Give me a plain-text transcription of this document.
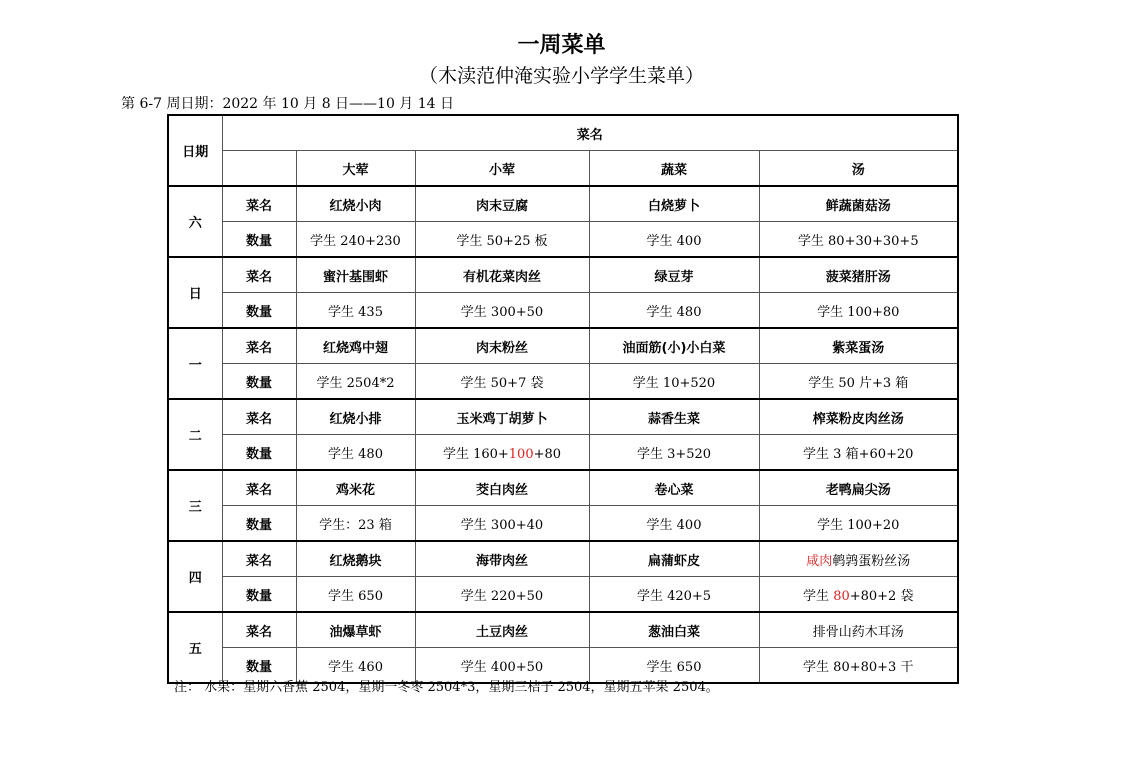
一周菜单
（木渎范仲淹实验小学学生菜单）
第 6-7 周日期：2022 年 10 月 8 日——10 月 14 日
日期	菜名				
		大荤	小荤	蔬菜	汤
六	菜名	红烧小肉	肉末豆腐	白烧萝卜	鲜蔬菌菇汤
	数量	学生 240+230	学生 50+25 板	学生 400	学生 80+30+30+5
日	菜名	蜜汁基围虾	有机花菜肉丝	绿豆芽	菠菜猪肝汤
	数量	学生 435	学生 300+50	学生 480	学生 100+80
一	菜名	红烧鸡中翅	肉末粉丝	油面筋(小)小白菜	紫菜蛋汤
	数量	学生 2504*2	学生 50+7 袋	学生 10+520	学生 50 片+3 箱
二	菜名	红烧小排	玉米鸡丁胡萝卜	蒜香生菜	榨菜粉皮肉丝汤
	数量	学生 480	学生 160+100+80	学生 3+520	学生 3 箱+60+20
三	菜名	鸡米花	茭白肉丝	卷心菜	老鸭扁尖汤
	数量	学生：23 箱	学生 300+40	学生 400	学生 100+20
四	菜名	红烧鹅块	海带肉丝	扁蒲虾皮	咸肉鹌鹑蛋粉丝汤
	数量	学生 650	学生 220+50	学生 420+5	学生 80+80+2 袋
五	菜名	油爆草虾	土豆肉丝	葱油白菜	排骨山药木耳汤
	数量	学生 460	学生 400+50	学生 650	学生 80+80+3 干
注： 水果：星期六香蕉 2504，星期一冬枣 2504*3，星期三桔子 2504，星期五苹果 2504。
